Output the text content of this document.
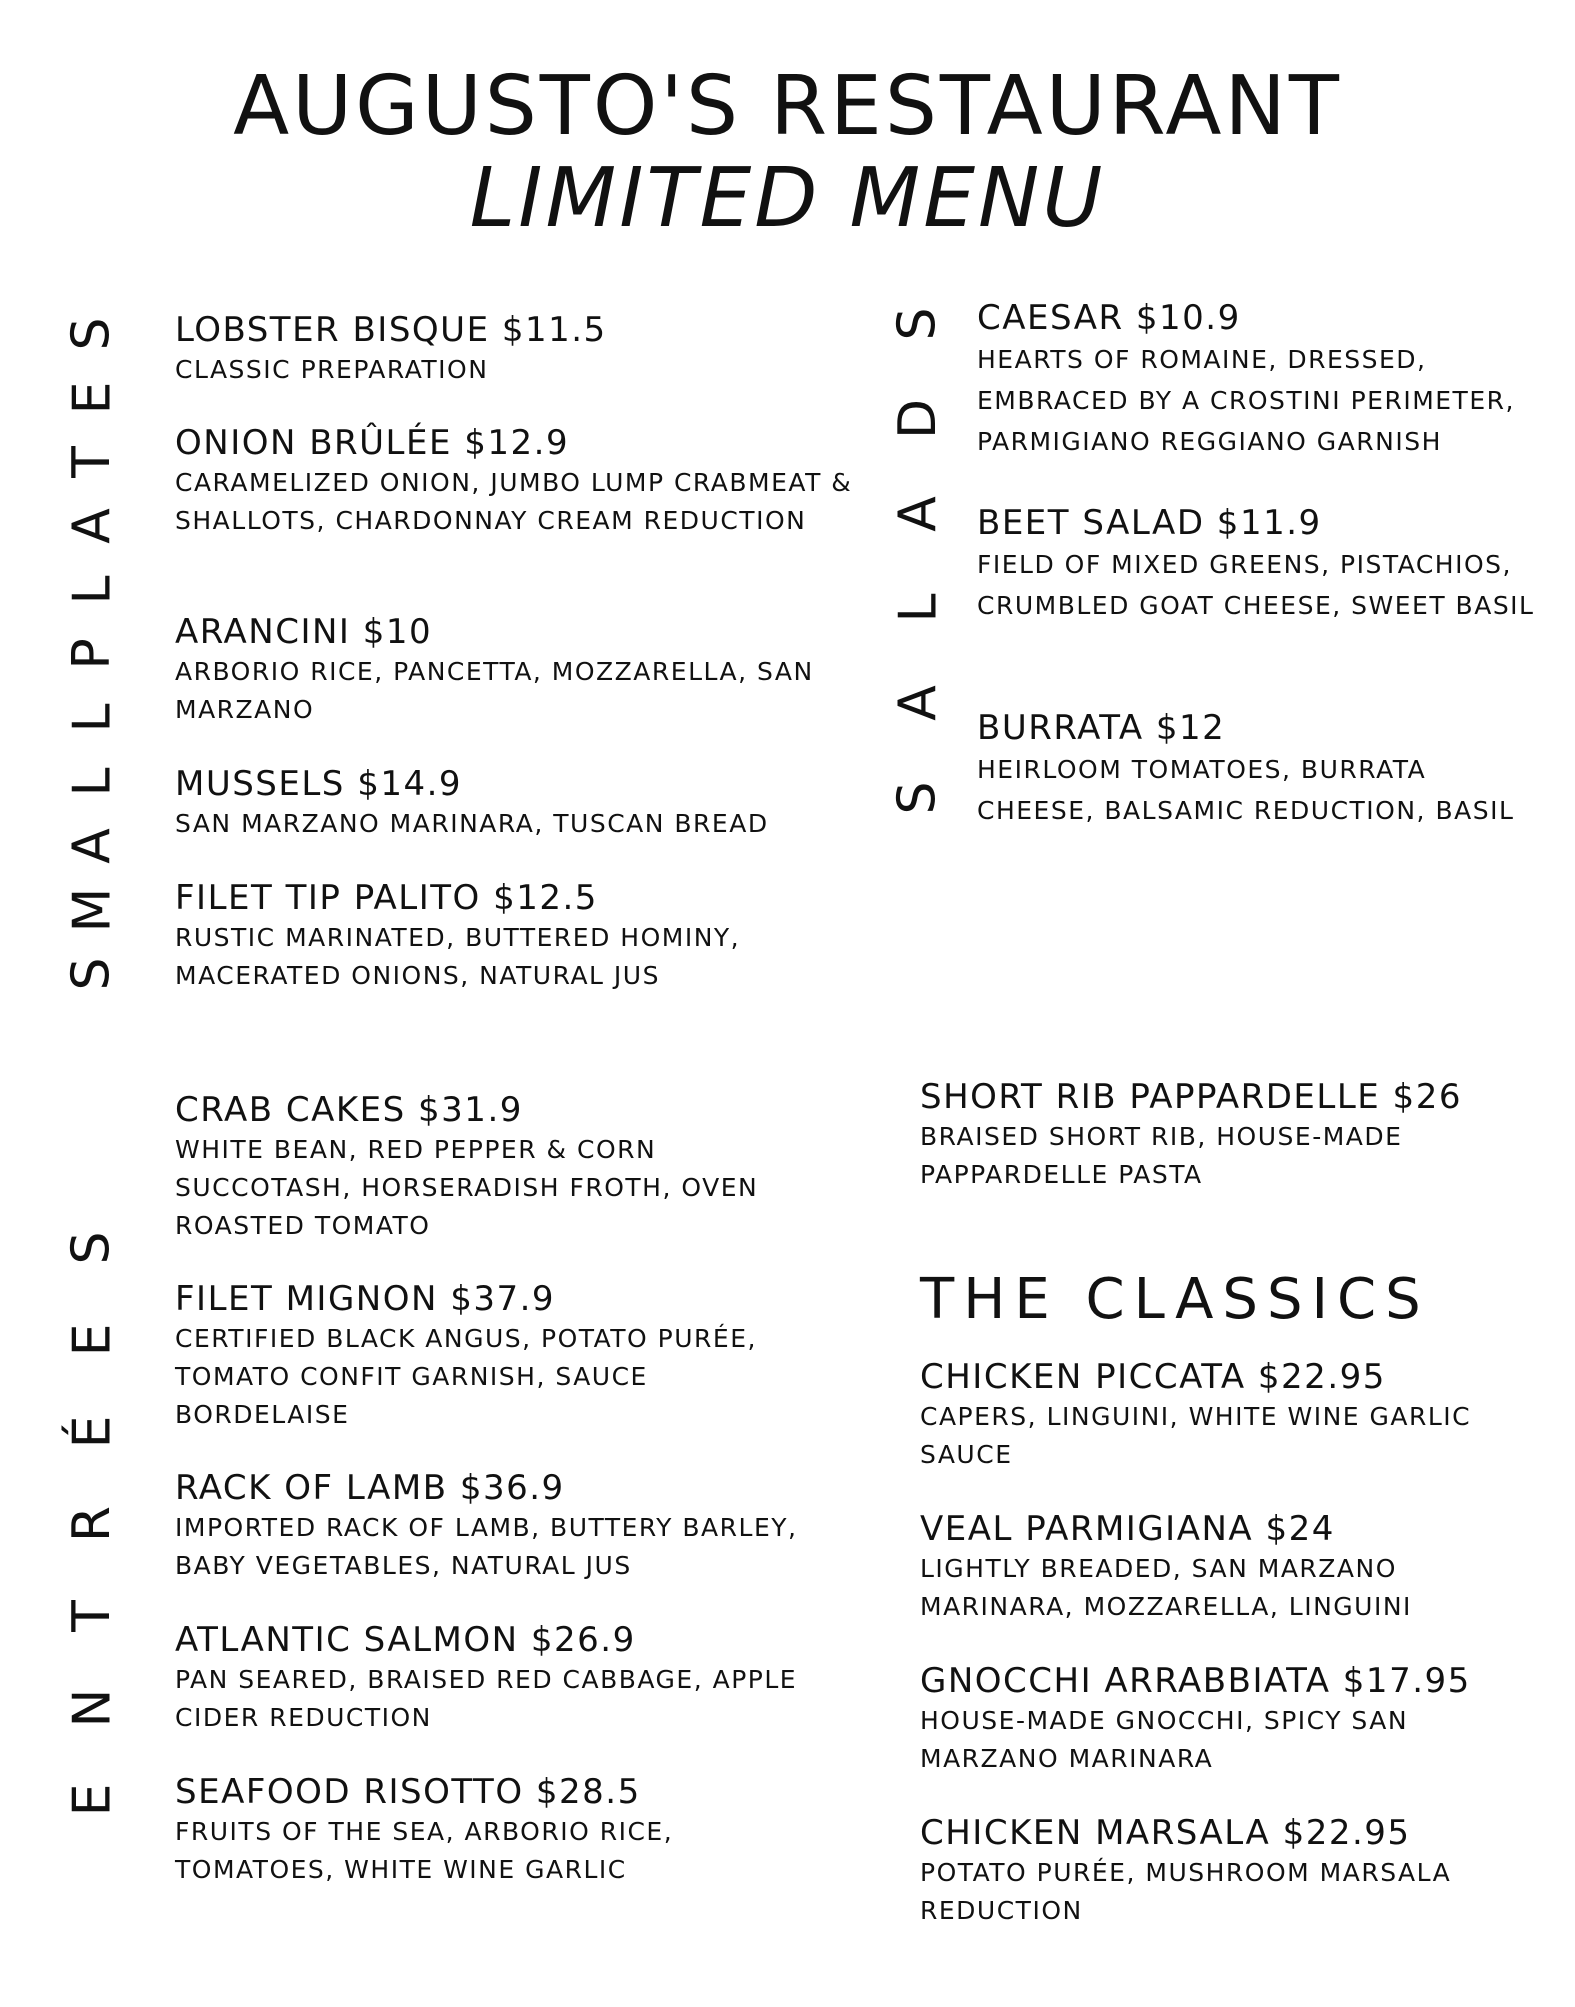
AUGUSTO'S RESTAURANT
LIMITED MENU
S
E
T
A
L
P
L
L
A
M
S
S
D
A
L
A
S
S
E
É
R
T
N
E
LOBSTER BISQUE $11.5
CLASSIC PREPARATION
ONION BRÛLÉE $12.9
CARAMELIZED ONION, JUMBO LUMP CRABMEAT & SHALLOTS, CHARDONNAY CREAM REDUCTION
ARANCINI $10
ARBORIO RICE, PANCETTA, MOZZARELLA, SAN MARZANO
MUSSELS $14.9
SAN MARZANO MARINARA, TUSCAN BREAD
FILET TIP PALITO $12.5
RUSTIC MARINATED, BUTTERED HOMINY, MACERATED ONIONS, NATURAL JUS
CAESAR $10.9
HEARTS OF ROMAINE, DRESSED, EMBRACED BY A CROSTINI PERIMETER, PARMIGIANO REGGIANO GARNISH
BEET SALAD $11.9
FIELD OF MIXED GREENS, PISTACHIOS, CRUMBLED GOAT CHEESE, SWEET BASIL
BURRATA $12
HEIRLOOM TOMATOES, BURRATA CHEESE, BALSAMIC REDUCTION, BASIL
CRAB CAKES $31.9
WHITE BEAN, RED PEPPER & CORN SUCCOTASH, HORSERADISH FROTH, OVEN ROASTED TOMATO
FILET MIGNON $37.9
CERTIFIED BLACK ANGUS, POTATO PURÉE, TOMATO CONFIT GARNISH, SAUCE BORDELAISE
RACK OF LAMB $36.9
IMPORTED RACK OF LAMB, BUTTERY BARLEY, BABY VEGETABLES, NATURAL JUS
ATLANTIC SALMON $26.9
PAN SEARED, BRAISED RED CABBAGE, APPLE CIDER REDUCTION
SEAFOOD RISOTTO $28.5
FRUITS OF THE SEA, ARBORIO RICE, TOMATOES, WHITE WINE GARLIC
SHORT RIB PAPPARDELLE $26
BRAISED SHORT RIB, HOUSE-MADE PAPPARDELLE PASTA
THE CLASSICS
CHICKEN PICCATA $22.95
CAPERS, LINGUINI, WHITE WINE GARLIC SAUCE
VEAL PARMIGIANA $24
LIGHTLY BREADED, SAN MARZANO MARINARA, MOZZARELLA, LINGUINI
GNOCCHI ARRABBIATA $17.95
HOUSE-MADE GNOCCHI, SPICY SAN MARZANO MARINARA
CHICKEN MARSALA $22.95
POTATO PURÉE, MUSHROOM MARSALA REDUCTION
